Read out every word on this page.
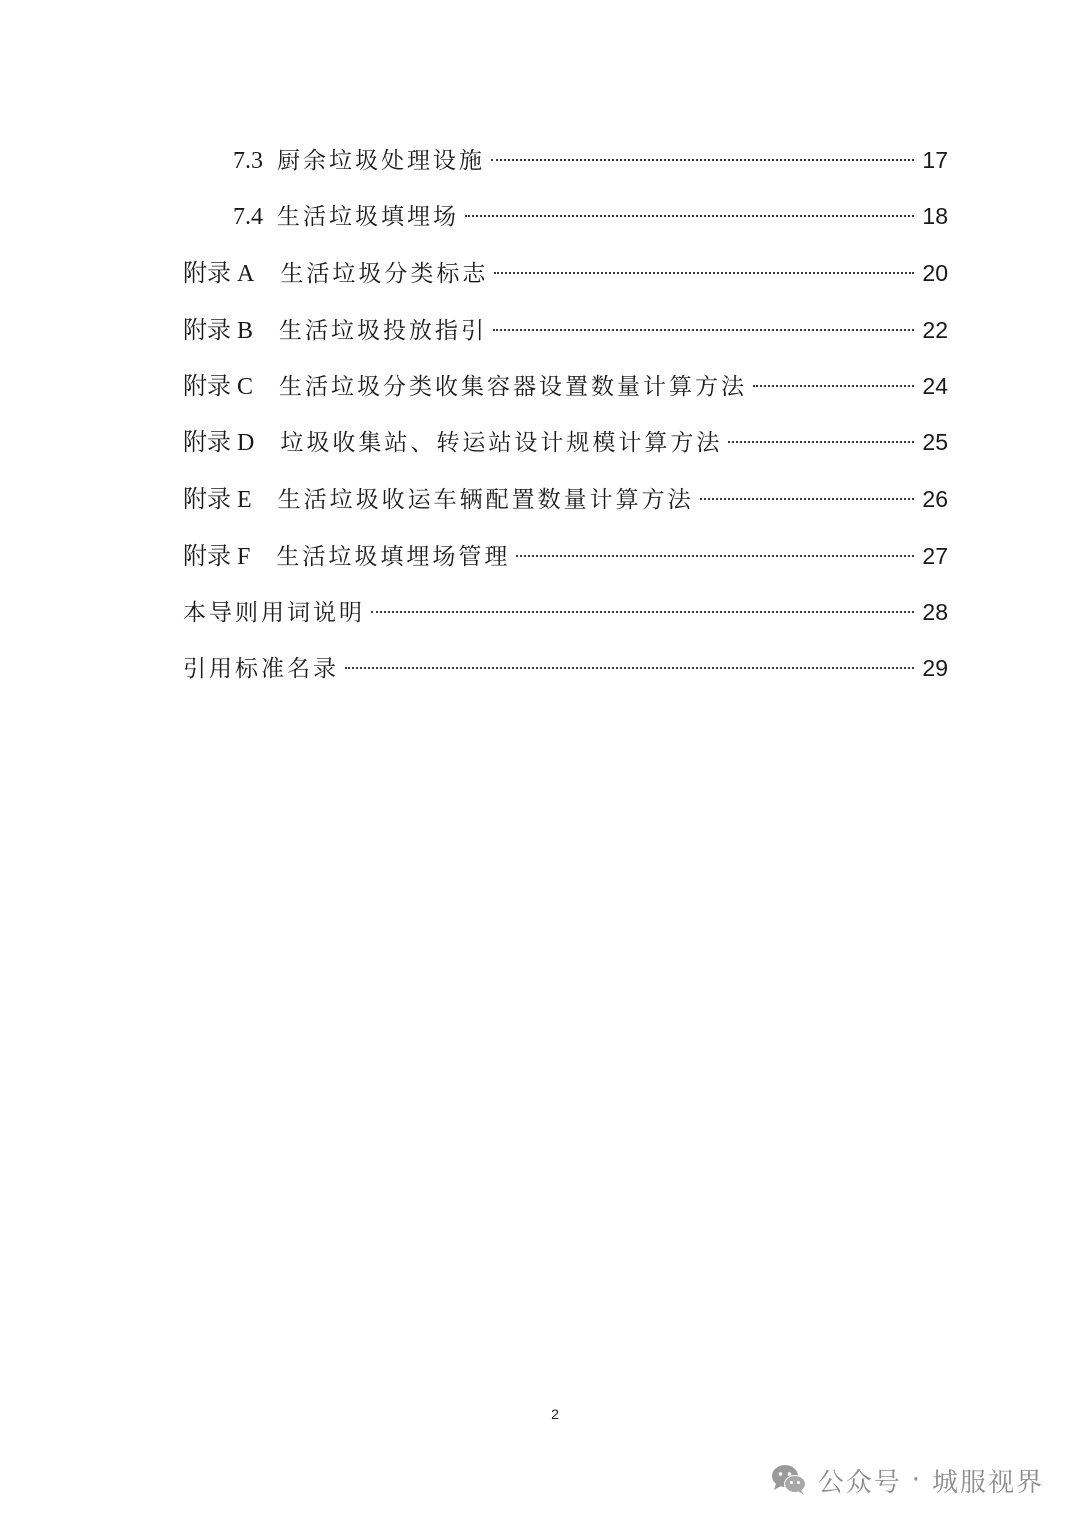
7.3 厨余垃圾处理设施	17
7.4 生活垃圾填埋场	18
附录 A 生活垃圾分类标志	20
附录 B 生活垃圾投放指引	22
附录 C 生活垃圾分类收集容器设置数量计算方法	24
附录 D 垃圾收集站、转运站设计规模计算方法	25
附录 E 生活垃圾收运车辆配置数量计算方法	26
附录 F 生活垃圾填埋场管理	27
本导则用词说明	28
引用标准名录	29
2
公众号 · 城服视界
